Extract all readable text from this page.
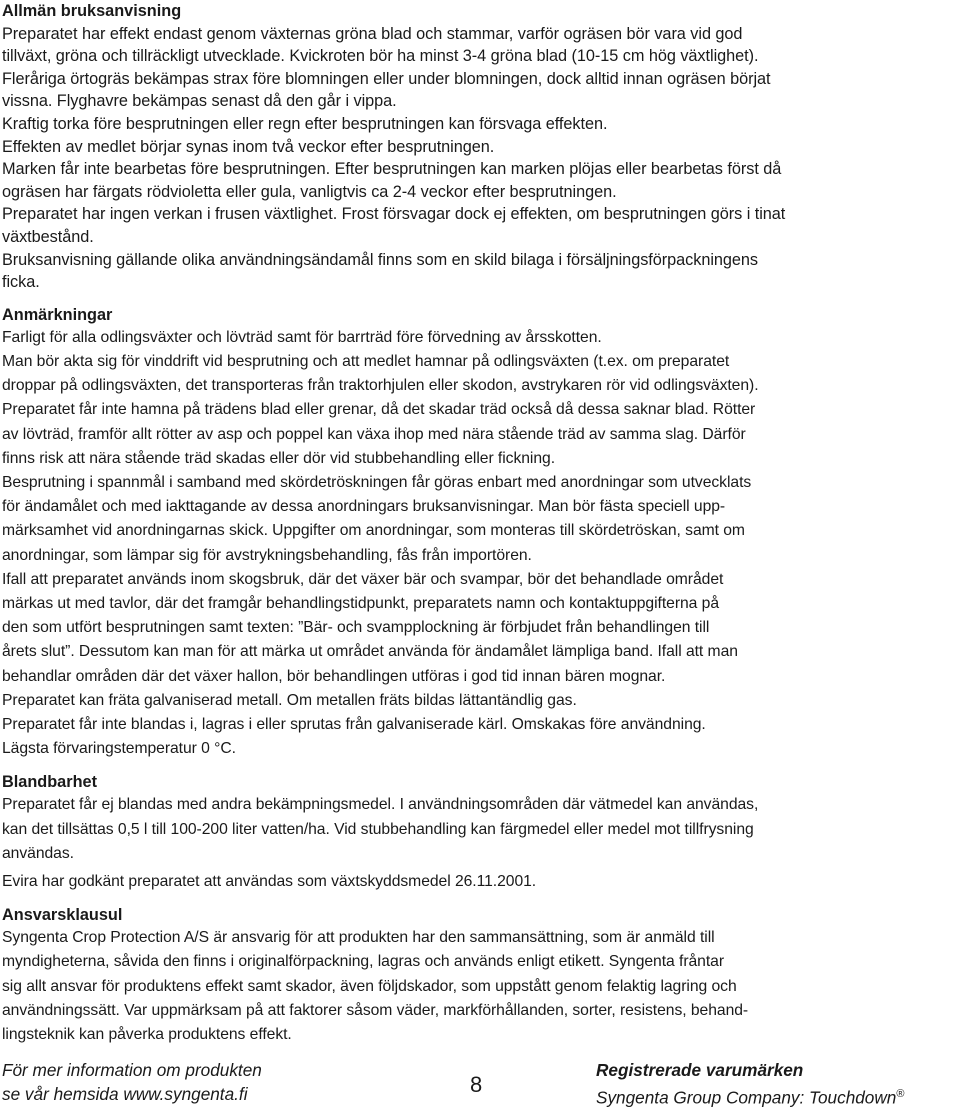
Allmän bruksanvisning

Preparatet har effekt endast genom växternas gröna blad och stammar, varför ogräsen bör vara vid god

tillväxt, gröna och tillräckligt utvecklade. Kvickroten bör ha minst 3-4 gröna blad (10-15 cm hög växtlighet).

Fleråriga örtogräs bekämpas strax före blomningen eller under blomningen, dock alltid innan ogräsen börjat

vissna. Flyghavre bekämpas senast då den går i vippa.

Kraftig torka före besprutningen eller regn efter besprutningen kan försvaga effekten.

Effekten av medlet börjar synas inom två veckor efter besprutningen.

Marken får inte bearbetas före besprutningen. Efter besprutningen kan marken plöjas eller bearbetas först då

ogräsen har färgats rödvioletta eller gula, vanligtvis ca 2-4 veckor efter besprutningen.

Preparatet har ingen verkan i frusen växtlighet. Frost försvagar dock ej effekten, om besprutningen görs i tinat

växtbestånd.

Bruksanvisning gällande olika användningsändamål finns som en skild bilaga i försäljningsförpackningens

ficka.

Anmärkningar

Farligt för alla odlingsväxter och lövträd samt för barrträd före förvedning av årsskotten.

Man bör akta sig för vinddrift vid besprutning och att medlet hamnar på odlingsväxten (t.ex. om preparatet

droppar på odlingsväxten, det transporteras från traktorhjulen eller skodon, avstrykaren rör vid odlingsväxten).

Preparatet får inte hamna på trädens blad eller grenar, då det skadar träd också då dessa saknar blad. Rötter

av lövträd, framför allt rötter av asp och poppel kan växa ihop med nära stående träd av samma slag. Därför

finns risk att nära stående träd skadas eller dör vid stubbehandling eller fickning.

Besprutning i spannmål i samband med skördetröskningen får göras enbart med anordningar som utvecklats

för ändamålet och med iakttagande av dessa anordningars bruksanvisningar. Man bör fästa speciell upp-

märksamhet vid anordningarnas skick. Uppgifter om anordningar, som monteras till skördetröskan, samt om

anordningar, som lämpar sig för avstrykningsbehandling, fås från importören.

Ifall att preparatet används inom skogsbruk, där det växer bär och svampar, bör det behandlade området

märkas ut med tavlor, där det framgår behandlingstidpunkt, preparatets namn och kontaktuppgifterna på

den som utfört besprutningen samt texten: ”Bär- och svampplockning är förbjudet från behandlingen till

årets slut”. Dessutom kan man för att märka ut området använda för ändamålet lämpliga band. Ifall att man

behandlar områden där det växer hallon, bör behandlingen utföras i god tid innan bären mognar.

Preparatet kan fräta galvaniserad metall. Om metallen fräts bildas lättantändlig gas.

Preparatet får inte blandas i, lagras i eller sprutas från galvaniserade kärl. Omskakas före användning.

Lägsta förvaringstemperatur 0 °C.

Blandbarhet

Preparatet får ej blandas med andra bekämpningsmedel. I användningsområden där vätmedel kan användas,

kan det tillsättas 0,5 l till 100-200 liter vatten/ha. Vid stubbehandling kan färgmedel eller medel mot tillfrysning

användas.

Evira har godkänt preparatet att användas som växtskyddsmedel 26.11.2001.

Ansvarsklausul

Syngenta Crop Protection A/S är ansvarig för att produkten har den sammansättning, som är anmäld till

myndigheterna, såvida den finns i originalförpackning, lagras och används enligt etikett. Syngenta fråntar

sig allt ansvar för produktens effekt samt skador, även följdskador, som uppstått genom felaktig lagring och

användningssätt. Var uppmärksam på att faktorer såsom väder, markförhållanden, sorter, resistens, behand-

lingsteknik kan påverka produktens effekt.

För mer information om produkten
se vår hemsida www.syngenta.fi	8
Registrerade varumärken
Syngenta Group Company: Touchdown®
